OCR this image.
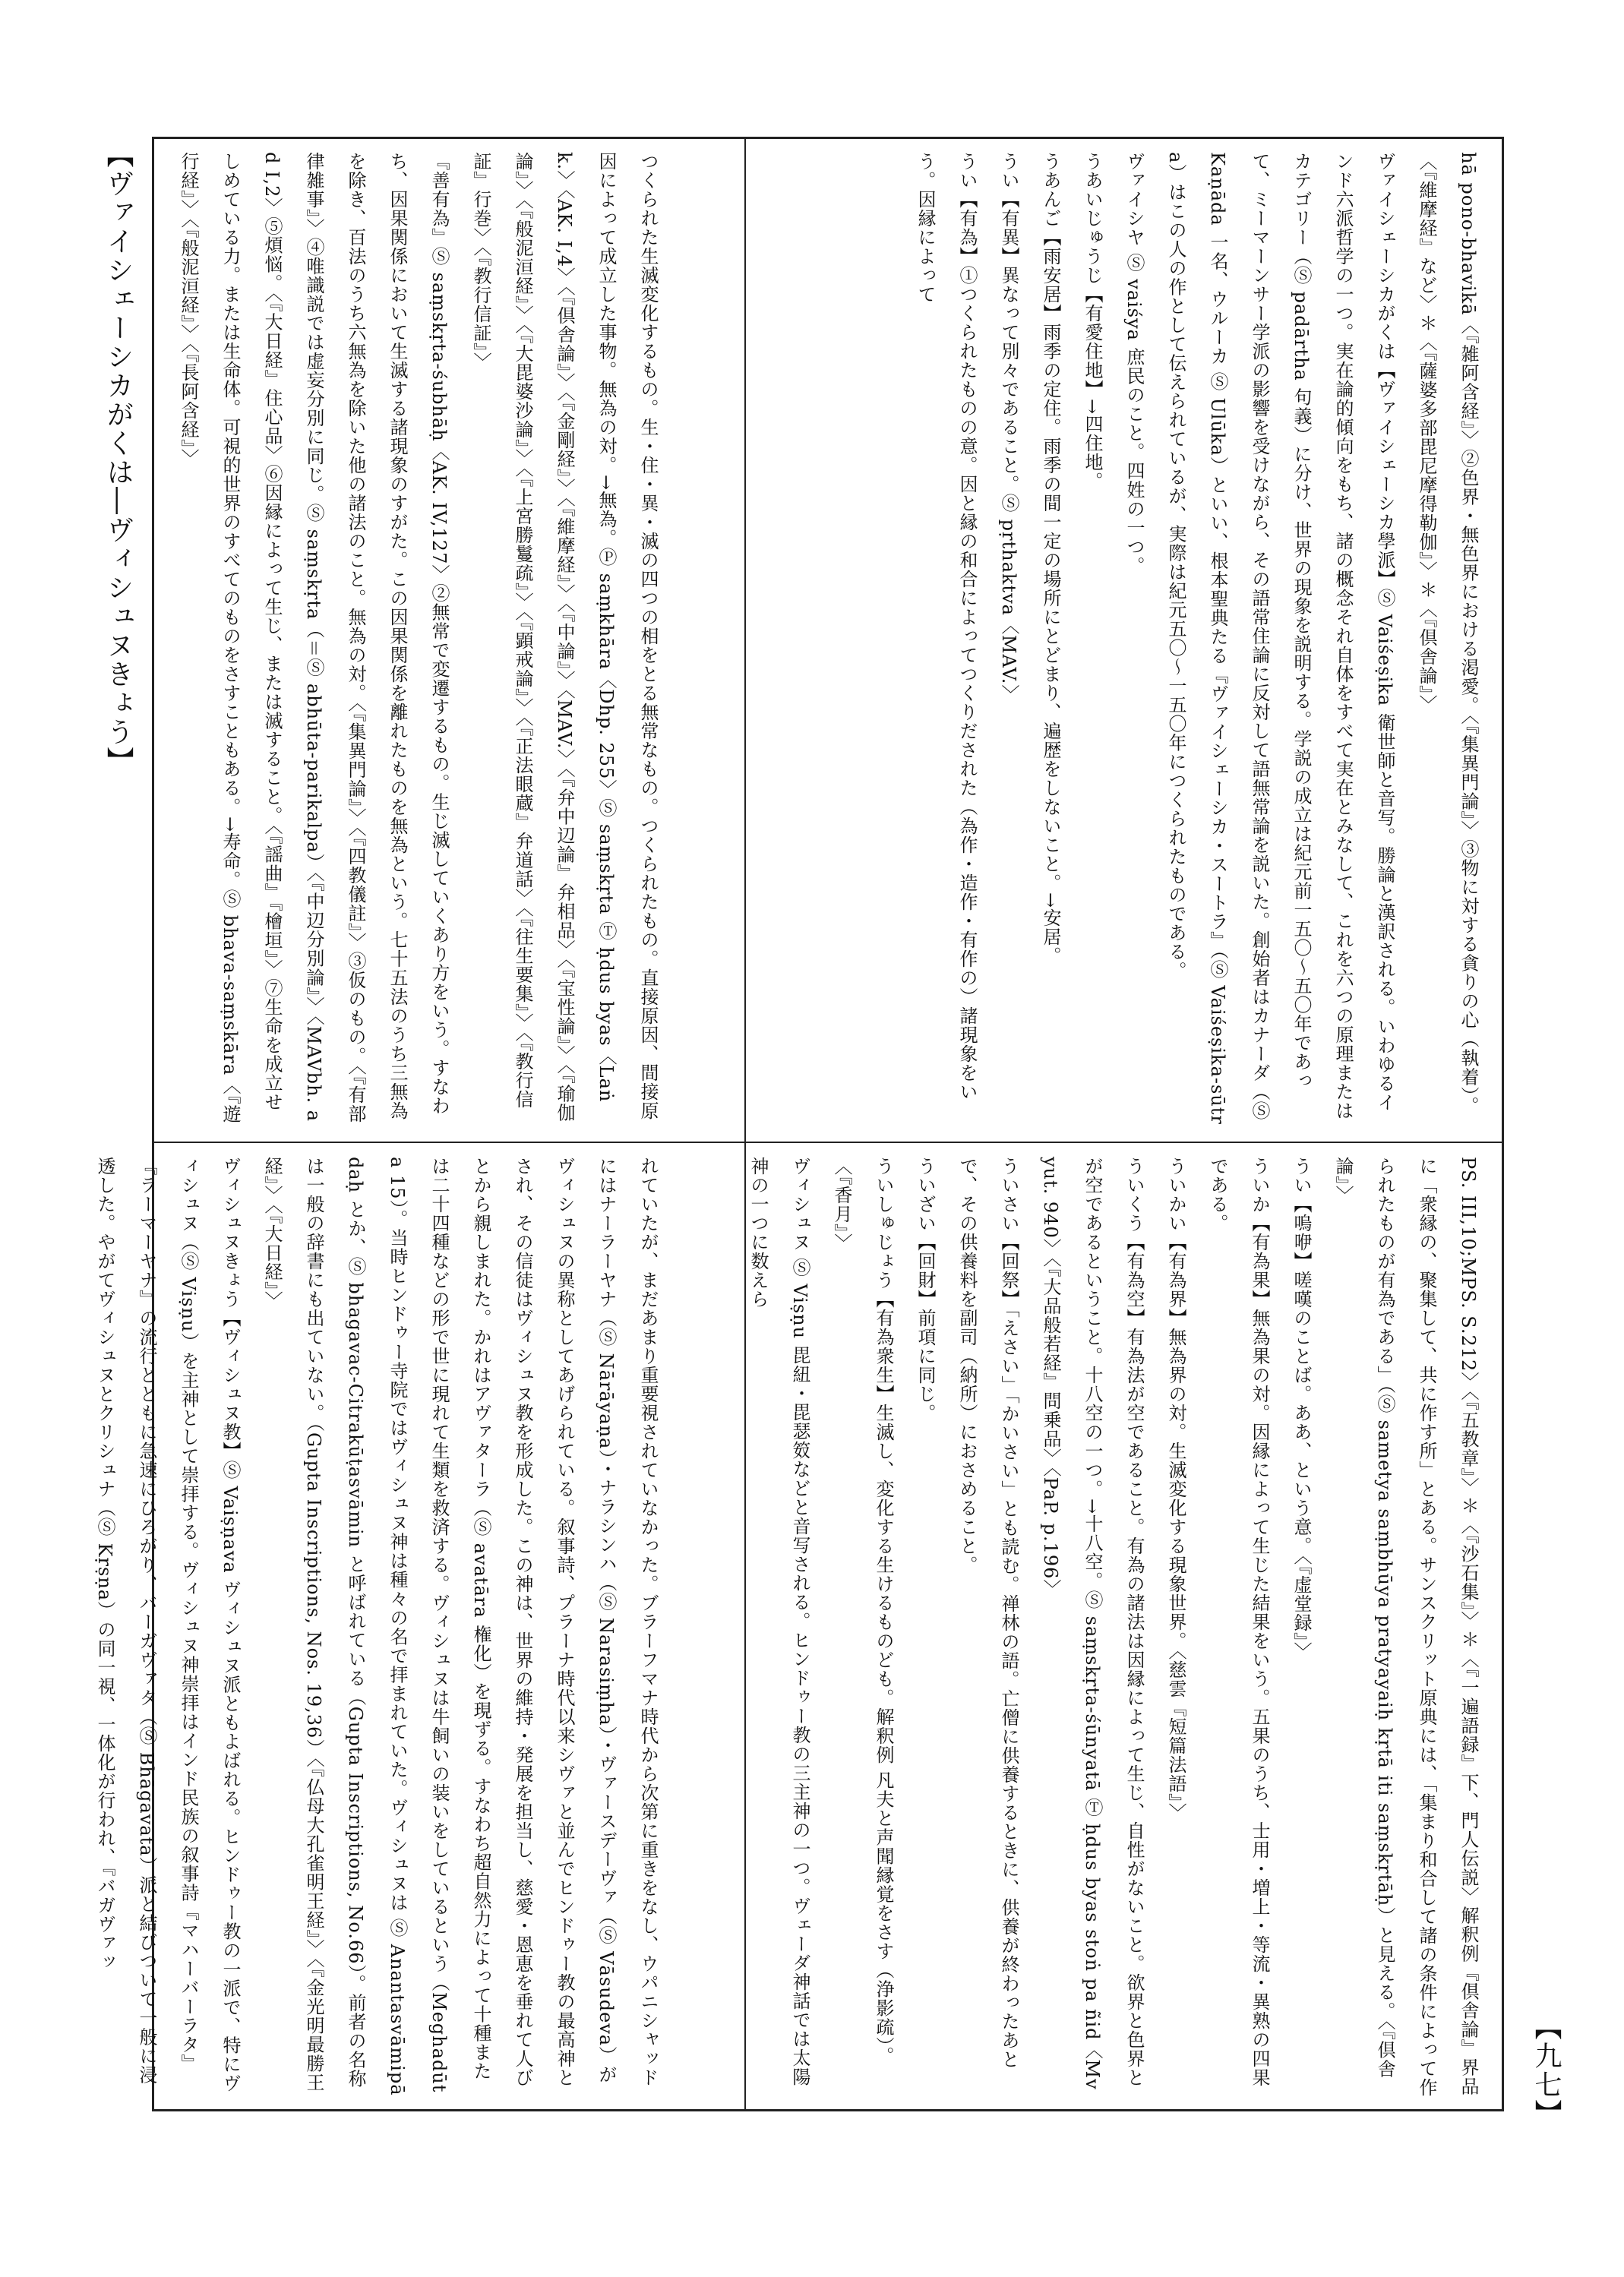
【ヴァイシェーシカがくは―ヴィシュヌきょう】
【九七】

hā pono-bhavikā〈『雑阿含経』〉②色界・無色界における渇愛。〈『集異門論』〉③物に対する貪りの心（執着）。〈『維摩経』など〉＊〈『薩婆多部毘尼摩得勒伽』〉＊〈『倶舎論』〉

ヴァイシェーシカがくは【ヴァイシェーシカ學派】Ⓢ Vaiśeṣika 衛世師と音写。勝論と漢訳される。いわゆるインド六派哲学の一つ。実在論的傾向をもち、諸の概念それ自体をすべて実在とみなして、これを六つの原理またはカテゴリー（Ⓢ padārtha 句義）に分け、世界の現象を説明する。学説の成立は紀元前一五〇～五〇年であって、ミーマーンサー学派の影響を受けながら、その語常住論に反対して語無常論を説いた。創始者はカナーダ（Ⓢ Kaṇāda 一名、ウルーカ Ⓢ Ulūka）といい、根本聖典たる『ヴァイシェーシカ・スートラ』（Ⓢ Vaiśeṣika-sūtra）はこの人の作として伝えられているが、実際は紀元五〇～一五〇年につくられたものである。

ヴァイシヤ Ⓢ vaiśya 庶民のこと。四姓の一つ。

うあいじゅうじ【有愛住地】→四住地。

うあんご【雨安居】雨季の定住。雨季の間一定の場所にとどまり、遍歴をしないこと。→安居。

うい【有異】異なって別々であること。Ⓢ pṛthaktva〈MAV.〉

うい【有為】①つくられたものの意。因と縁の和合によってつくりだされた（為作・造作・有作の）諸現象をいう。因縁によって

つくられた生滅変化するもの。生・住・異・滅の四つの相をとる無常なもの。つくられたもの。直接原因、間接原因によって成立した事物。無為の対。→無為。Ⓟ saṃkhāra〈Dhp. 255〉Ⓢ saṃskṛta Ⓣ ḥdus byas〈Laṅk.〉〈AK. I,4〉〈『倶舎論』〉〈『金剛経』〉〈『維摩経』〉〈『中論』〉〈MAV.〉〈『弁中辺論』弁相品〉〈『宝性論』〉〈『瑜伽論』〉〈『般泥洹経』〉〈『大毘婆沙論』〉〈『上宮勝鬘疏』〉〈『顕戒論』〉〈『正法眼蔵』弁道話〉〈『往生要集』〉〈『教行信証』行巻〉〈『教行信証』〉

『善有為』Ⓢ saṃskṛta-śubhāḥ〈AK. IV,127〉②無常で変遷するもの。生じ滅していくあり方をいう。すなわち、因果関係において生滅する諸現象のすがた。この因果関係を離れたものを無為という。七十五法のうち三無為を除き、百法のうち六無為を除いた他の諸法のこと。無為の対。〈『集異門論』〉〈『四教儀註』〉③仮のもの。〈『有部律雑事』〉④唯識説では虚妄分別に同じ。Ⓢ saṃskṛta（＝Ⓢ abhūta-parikalpa）〈『中辺分別論』〉〈MAVbh. ad I,2〉⑤煩悩。〈『大日経』住心品〉⑥因縁によって生じ、または滅すること。〈『謡曲』『檜垣』〉⑦生命を成立せしめている力。または生命体。可視的世界のすべてのものをさすこともある。→寿命。Ⓢ bhava-saṃskāra〈『遊行経』〉〈『般泥洹経』〉〈『長阿含経』〉

PS. III,10;MPS. S.212〉〈『五教章』〉＊〈『沙石集』〉＊〈『一遍語録』下、門人伝説〉解釈例『倶舎論』界品に「衆縁の、聚集して、共に作す所」とある。サンスクリット原典には、「集まり和合して諸の条件によって作られたものが有為である」（Ⓢ sametya saṃbhūya pratyayaiḥ kṛtā iti saṃskṛtāḥ）と見える。〈『倶舎論』〉

うい【嗚咿】嗟嘆のことば。ああ、という意。〈『虚堂録』〉

ういか【有為果】無為果の対。因縁によって生じた結果をいう。五果のうち、士用・増上・等流・異熟の四果である。

ういかい【有為界】無為界の対。生滅変化する現象世界。〈慈雲『短篇法語』〉

ういくう【有為空】有為法が空であること。有為の諸法は因縁によって生じ、自性がないこと。欲界と色界とが空であるということ。十八空の一つ。→十八空。Ⓢ saṃskṛta-śūnyatā Ⓣ ḥdus byas stoṅ pa ñid〈Mvyut. 940〉〈『大品般若経』問乗品〉〈PaP. p.196〉

ういさい【回祭】「えさい」「かいさい」とも読む。禅林の語。亡僧に供養するときに、供養が終わったあとで、その供養料を副司（納所）におさめること。

ういざい【回財】前項に同じ。

ういしゅじょう【有為衆生】生滅し、変化する生けるものども。解釈例 凡夫と声聞縁覚をさす（浄影疏）。〈『香月』〉

ヴィシュヌ Ⓢ Viṣṇu 毘紐・毘瑟笯などと音写される。ヒンドゥー教の三主神の一つ。ヴェーダ神話では太陽神の一つに数えら

れていたが、まだあまり重要視されていなかった。ブラーフマナ時代から次第に重きをなし、ウパニシャッドにはナーラーヤナ（Ⓢ Nārāyaṇa）・ナラシンハ（Ⓢ Narasiṃha）・ヴァースデーヴァ（Ⓢ Vāsudeva）がヴィシュヌの異称としてあげられている。叙事詩、プラーナ時代以来シヴァと並んでヒンドゥー教の最高神とされ、その信徒はヴィシュヌ教を形成した。この神は、世界の維持・発展を担当し、慈愛・恩恵を垂れて人びとから親しまれた。かれはアヴァターラ（Ⓢ avatāra 権化）を現ずる。すなわち超自然力によって十種または二十四種などの形で世に現れて生類を救済する。ヴィシュヌは牛飼いの装いをしているという（Meghadūta 15）。当時ヒンドゥー寺院ではヴィシュヌ神は種々の名で拝まれていた。ヴィシュヌは Ⓢ Anantasvāmipādaḥ とか、Ⓢ bhagavac-Citrakūṭasvāmin と呼ばれている（Gupta Inscriptions, No.66）。前者の名称は一般の辞書にも出ていない。（Gupta Inscriptions, Nos. 19,36）〈『仏母大孔雀明王経』〉〈『金光明最勝王経』〉〈『大日経』〉

ヴィシュヌきょう【ヴィシュヌ教】Ⓢ Vaiṣṇava ヴィシュヌ派ともよばれる。ヒンドゥー教の一派で、特にヴィシュヌ（Ⓢ Viṣṇu）を主神として崇拝する。ヴィシュヌ神崇拝はインド民族の叙事詩『マハーバーラタ』『ラーマーヤナ』の流行とともに急速にひろがり、バーガヴァタ（Ⓢ Bhāgavata）派と結びついて一般に浸透した。やがてヴィシュヌとクリシュナ（Ⓢ Kṛṣṇa）の同一視、一体化が行われ、『バガヴァッ
